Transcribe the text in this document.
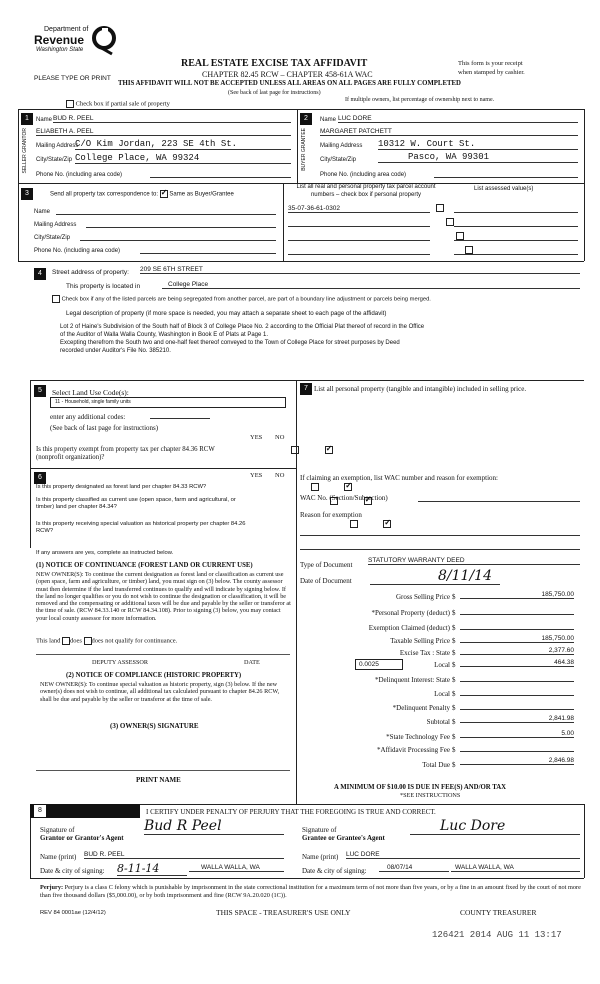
Department of
Revenue
Washington State
PLEASE TYPE OR PRINT
REAL ESTATE EXCISE TAX AFFIDAVIT
CHAPTER 82.45 RCW – CHAPTER 458-61A WAC
THIS AFFIDAVIT WILL NOT BE ACCEPTED UNLESS ALL AREAS ON ALL PAGES ARE FULLY COMPLETED
(See back of last page for instructions)
This form is your receipt
when stamped by cashier.
Check box if partial sale of property
If multiple owners, list percentage of ownership next to name.
1
SELLER GRANTOR
Name BUD R. PEEL
ELIABETH A. PEEL
Mailing Address
C/O Kim Jordan, 223 SE 4th St.
City/State/Zip College Place, WA 99324
Phone No. (including area code)
2
BUYER GRANTEE
Name LUC DORE
MARGARET PATCHETT
Mailing Address 10312 W. Court St.
City/State/Zip	Pasco, WA 99301
Phone No. (including area code)
3	Send all property tax correspondence to: ✓ Same as Buyer/Grantee
Name
Mailing Address
City/State/Zip
Phone No. (including area code)
List all real and personal property tax parcel account
numbers – check box if personal property
List assessed value(s)
35-07-36-61-0302

4	Street address of property: 209 SE 6TH STREET
This property is located in	College Place
Check box if any of the listed parcels are being segregated from another parcel, are part of a boundary line adjustment or parcels being merged.
Legal description of property (if more space is needed, you may attach a separate sheet to each page of the affidavit)
Lot 2 of Haine's Subdivision of the South half of Block 3 of College Place No. 2 according to the Official Plat thereof of record in the Office
of the Auditor of Walla Walla County, Washington in Book E of Plats at Page 1.
Excepting therefrom the South two and one-half feet thereof conveyed to the Town of College Place for street purposes by Deed
recorded under Auditor's File No. 385210.
5	Select Land Use Code(s):
11 - Household, single family units
enter any additional codes:
(See back of last page for instructions)
YES NO
Is this property exempt from property tax per chapter 84.36 RCW (nonprofit organization)?
✓
6	YES NO
Is this property designated as forest land per chapter 84.33 RCW?
✓
Is this property classified as current use (open space, farm and agricultural, or timber) land per chapter 84.34?
✓
Is this property receiving special valuation as historical property per chapter 84.26 RCW?
✓
If any answers are yes, complete as instructed below.
(1) NOTICE OF CONTINUANCE (FOREST LAND OR CURRENT USE)
NEW OWNER(S): To continue the current designation as forest land or classification as current use (open space, farm and agriculture, or timber) land, you must sign on (3) below. The county assessor must then determine if the land transferred continues to qualify and will indicate by signing below. If the land no longer qualifies or you do not wish to continue the designation or classification, it will be removed and the compensating or additional taxes will be due and payable by the seller or transferor at the time of sale. (RCW 84.33.140 or RCW 84.34.108). Prior to signing (3) below, you may contact your local county assessor for more information.
This land does does not qualify for continuance.
DEPUTY ASSESSOR	DATE
(2) NOTICE OF COMPLIANCE (HISTORIC PROPERTY)
NEW OWNER(S): To continue special valuation as historic property, sign (3) below. If the new owner(s) does not wish to continue, all additional tax calculated pursuant to chapter 84.26 RCW, shall be due and payable by the seller or transferor at the time of sale.
(3) OWNER(S) SIGNATURE
PRINT NAME
7 List all personal property (tangible and intangible) included in selling price.
If claiming an exemption, list WAC number and reason for exemption:
WAC No. (Section/Subsection)
Reason for exemption
Type of Document
STATUTORY WARRANTY DEED
Date of Document	8/11/14
Gross Selling Price $	185,750.00
*Personal Property (deduct) $
Exemption Claimed (deduct) $
Taxable Selling Price $	185,750.00
Excise Tax : State $	2,377.60
0.0025	Local $	464.38
*Delinquent Interest: State $
Local $
*Delinquent Penalty $
Subtotal $	2,841.98
*State Technology Fee $	5.00
*Affidavit Processing Fee $
Total Due $
2,846.98
A MINIMUM OF $10.00 IS DUE IN FEE(S) AND/OR TAX
*SEE INSTRUCTIONS
8	I CERTIFY UNDER PENALTY OF PERJURY THAT THE FOREGOING IS TRUE AND CORRECT.
Signature of
Grantor or Grantor's Agent
Bud R Peel
Name (print) BUD R. PEEL
Date & city of signing: 8-11-14	WALLA WALLA, WA
Signature of
Grantee or Grantee's Agent
Luc Dore
Name (print) LUC DORE
Date & city of signing:	08/07/14	WALLA WALLA, WA
Perjury: Perjury is a class C felony which is punishable by imprisonment in the state correctional institution for a maximum term of not more than five years, or by a fine in an amount fixed by the court of not more than five thousand dollars ($5,000.00), or by both imprisonment and fine (RCW 9A.20.020 (1C)).
REV 84 0001ae (12/4/12)	THIS SPACE - TREASURER'S USE ONLY	COUNTY TREASURER
126421 2014 AUG 11 13:17
